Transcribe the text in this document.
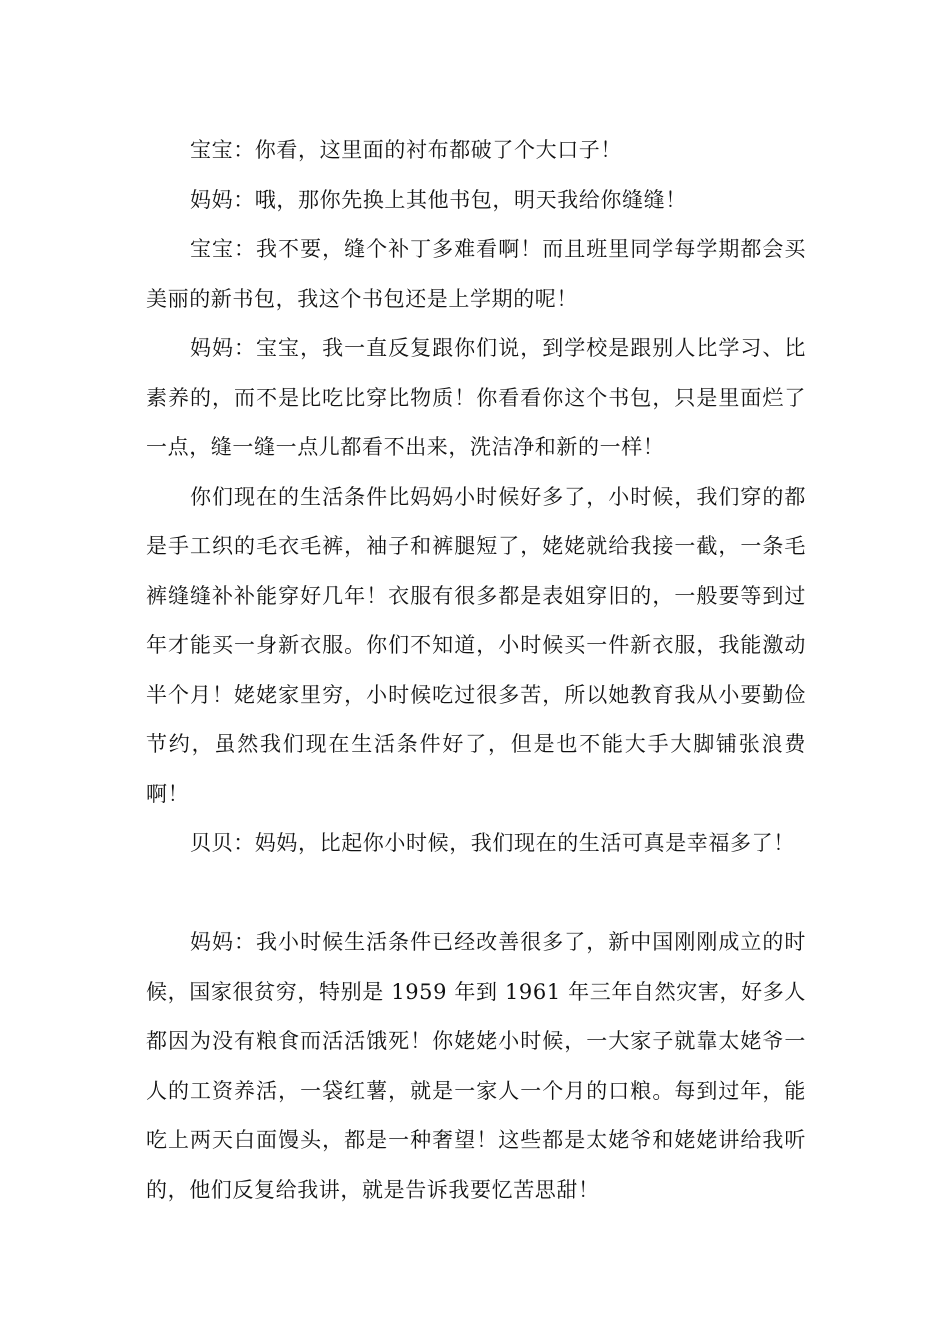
宝宝：你看，这里面的衬布都破了个大口子！

妈妈：哦，那你先换上其他书包，明天我给你缝缝！

宝宝：我不要，缝个补丁多难看啊！而且班里同学每学期都会买美丽的新书包，我这个书包还是上学期的呢！

妈妈：宝宝，我一直反复跟你们说，到学校是跟别人比学习、比素养的，而不是比吃比穿比物质！你看看你这个书包，只是里面烂了一点，缝一缝一点儿都看不出来，洗洁净和新的一样！

你们现在的生活条件比妈妈小时候好多了，小时候，我们穿的都是手工织的毛衣毛裤，袖子和裤腿短了，姥姥就给我接一截，一条毛裤缝缝补补能穿好几年！衣服有很多都是表姐穿旧的，一般要等到过年才能买一身新衣服。你们不知道，小时候买一件新衣服，我能激动半个月！姥姥家里穷，小时候吃过很多苦，所以她教育我从小要勤俭节约，虽然我们现在生活条件好了，但是也不能大手大脚铺张浪费啊！

贝贝：妈妈，比起你小时候，我们现在的生活可真是幸福多了！

妈妈：我小时候生活条件已经改善很多了，新中国刚刚成立的时候，国家很贫穷，特别是 1959 年到 1961 年三年自然灾害，好多人都因为没有粮食而活活饿死！你姥姥小时候，一大家子就靠太姥爷一人的工资养活，一袋红薯，就是一家人一个月的口粮。每到过年，能吃上两天白面馒头，都是一种奢望！这些都是太姥爷和姥姥讲给我听的，他们反复给我讲，就是告诉我要忆苦思甜！
